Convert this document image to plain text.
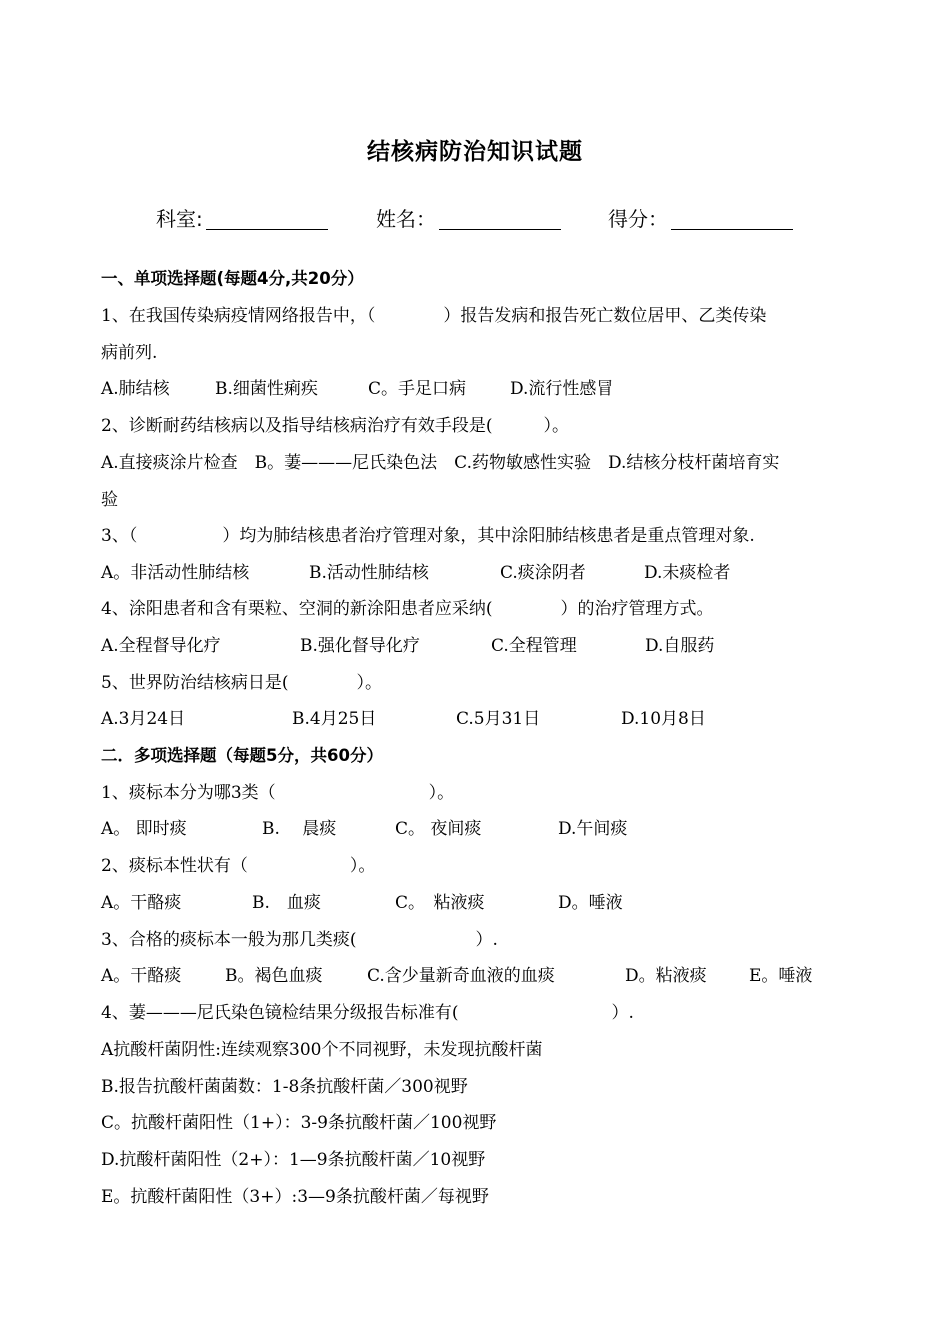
结核病防治知识试题
科室:	姓名：	得分：
一、单项选择题(每题4分,共20分）
1、在我国传染病疫情网络报告中，（　　　　）报告发病和报告死亡数位居甲、乙类传染
病前列.
A.肺结核	B.细菌性痢疾	C。手足口病	D.流行性感冒
2、诊断耐药结核病以及指导结核病治疗有效手段是(　　　）。
A.直接痰涂片检查　B。萋———尼氏染色法　C.药物敏感性实验　D.结核分枝杆菌培育实
验
3、（　　　　　）均为肺结核患者治疗管理对象，其中涂阳肺结核患者是重点管理对象.
A。非活动性肺结核	B.活动性肺结核	C.痰涂阴者	D.未痰检者
4、涂阳患者和含有栗粒、空洞的新涂阳患者应采纳(　　　　）的治疗管理方式。
A.全程督导化疗	B.强化督导化疗	C.全程管理	D.自服药
5、世界防治结核病日是(　　　　）。
A.3月24日	B.4月25日	C.5月31日	D.10月8日
二．多项选择题（每题5分，共60分）
1、痰标本分为哪3类（　　　　　　　　　）。
A。 即时痰	B.　 晨痰	C。 夜间痰	D.午间痰
2、痰标本性状有（　　　　　　）。
A。干酪痰	B.　血痰	C。　粘液痰	D。唾液
3、合格的痰标本一般为那几类痰(　　　　　　　）.
A。干酪痰	B。褐色血痰	C.含少量新奇血液的血痰	D。粘液痰 E。唾液
4、萋———尼氏染色镜检结果分级报告标准有(　　　　　　　　　）.
A抗酸杆菌阴性:连续观察300个不同视野，未发现抗酸杆菌
B.报告抗酸杆菌菌数：1-8条抗酸杆菌／300视野
C。抗酸杆菌阳性（1+）：3-9条抗酸杆菌／100视野
D.抗酸杆菌阳性（2+）：1—9条抗酸杆菌／10视野
E。抗酸杆菌阳性（3+）:3—9条抗酸杆菌／每视野
